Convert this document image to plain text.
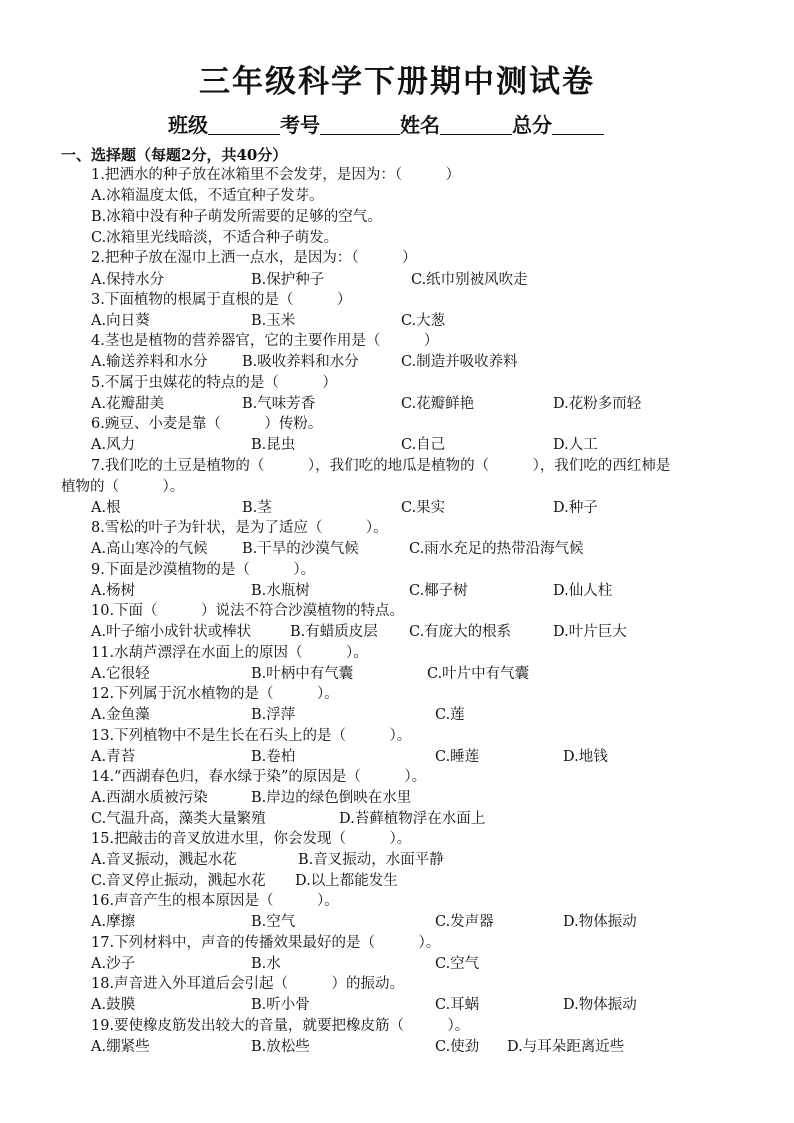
三年级科学下册期中测试卷
班级	考号	姓名	总分
一、选择题（每题2分，共40分）
1.把洒水的种子放在冰箱里不会发芽，是因为：（　　　）
A.冰箱温度太低，不适宜种子发芽。
B.冰箱中没有种子萌发所需要的足够的空气。
C.冰箱里光线暗淡，不适合种子萌发。
2.把种子放在湿巾上洒一点水，是因为：（　　　）
A.保持水分	B.保护种子	C.纸巾别被风吹走
3.下面植物的根属于直根的是（　　　）
A.向日葵	B.玉米	C.大葱
4.茎也是植物的营养器官，它的主要作用是（　　　）
A.输送养料和水分 B.吸收养料和水分	C.制造并吸收养料
5.不属于虫媒花的特点的是（　　　）
A.花瓣甜美	B.气味芳香	C.花瓣鲜艳	D.花粉多而轻
6.豌豆、小麦是靠（　　　）传粉。
A.风力	B.昆虫	C.自己	D.人工
7.我们吃的土豆是植物的（　　　），我们吃的地瓜是植物的（　　　），我们吃的西红柿是
植物的（　　　）。
A.根	B.茎	C.果实	D.种子
8.雪松的叶子为针状，是为了适应（　　　）。
A.高山寒冷的气候 B.干旱的沙漠气候	C.雨水充足的热带沿海气候
9.下面是沙漠植物的是（　　　）。
A.杨树	B.水瓶树	C.椰子树	D.仙人柱
10.下面（　　　）说法不符合沙漠植物的特点。
A.叶子缩小成针状或棒状	B.有蜡质皮层 C.有庞大的根系	D.叶片巨大
11.水葫芦漂浮在水面上的原因（　　　）。
A.它很轻	B.叶柄中有气囊	C.叶片中有气囊
12.下列属于沉水植物的是（　　　）。
A.金鱼藻	B.浮萍	C.莲
13.下列植物中不是生长在石头上的是（　　　）。
A.青苔	B.卷柏	C.睡莲	D.地钱
14.“西湖春色归，春水绿于染”的原因是（　　　）。
A.西湖水质被污染	B.岸边的绿色倒映在水里
C.气温升高，藻类大量繁殖	D.苔藓植物浮在水面上
15.把敲击的音叉放进水里，你会发现（　　　）。
A.音叉振动，溅起水花	B.音叉振动，水面平静
C.音叉停止振动，溅起水花 D.以上都能发生
16.声音产生的根本原因是（　　　）。
A.摩擦	B.空气	C.发声器	D.物体振动
17.下列材料中，声音的传播效果最好的是（　　　）。
A.沙子	B.水	C.空气
18.声音进入外耳道后会引起（　　　）的振动。
A.鼓膜	B.听小骨	C.耳蜗	D.物体振动
19.要使橡皮筋发出较大的音量，就要把橡皮筋（　　　）。
A.绷紧些	B.放松些	C.使劲 D.与耳朵距离近些
